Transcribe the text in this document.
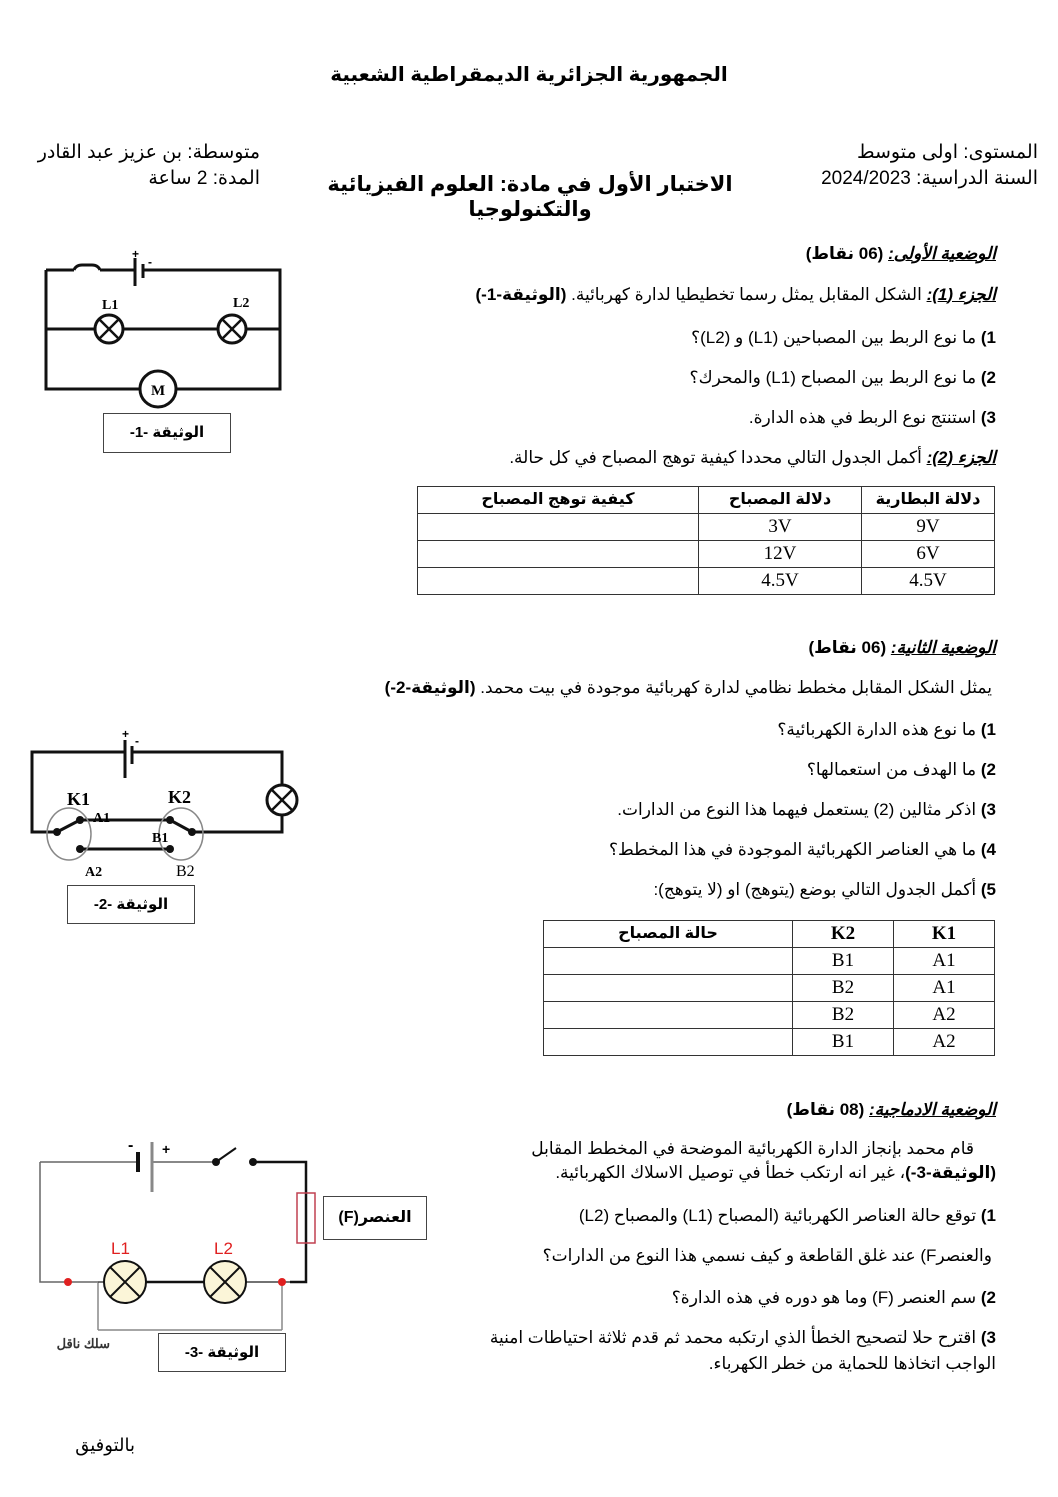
الجمهورية الجزائرية الديمقراطية الشعبية
المستوى: اولى متوسط
السنة الدراسية: 2024/2023
متوسطة: بن عزيز عبد القادر
المدة: 2 ساعة	الاختبار الأول في مادة: العلوم الفيزيائية والتكنولوجيا
الوضعية الأولى: (06 نقاط)
الجزء (1): الشكل المقابل يمثل رسما تخطيطيا لدارة كهربائية. (الوثيقة-1-)
1) ما نوع الربط بين المصباحين (L1) و (L2)؟
2) ما نوع الربط بين المصباح (L1) والمحرك؟
3) استنتج نوع الربط في هذه الدارة.
الجزء (2): أكمل الجدول التالي محددا كيفية توهج المصباح في كل حالة.
دلالة البطارية	دلالة المصباح	كيفية توهج المصباح
9V	3V	
6V	12V	
4.5V	4.5V	
+
-
L1	L2
M
الوثيقة -1-
الوضعية الثانية: (06 نقاط)
يمثل الشكل المقابل مخطط نظامي لدارة كهربائية موجودة في بيت محمد. (الوثيقة-2-)
1) ما نوع هذه الدارة الكهربائية؟
2) ما الهدف من استعمالها؟
3) اذكر مثالين (2) يستعمل فيهما هذا النوع من الدارات.
4) ما هي العناصر الكهربائية الموجودة في هذا المخطط؟
5) أكمل الجدول التالي بوضع (يتوهج) او (لا يتوهج):
K1	K2	حالة المصباح
A1	B1	
A1	B2	
A2	B2	
A2	B1	
+ -
K1	K2
A1
A2
B1
B2
الوثيقة -2-
الوضعية الادماجية: (08 نقاط)
قام محمد بإنجاز الدارة الكهربائية الموضحة في المخطط المقابل
(الوثيقة-3-)، غير انه ارتكب خطأ في توصيل الاسلاك الكهربائية.
1) توقع حالة العناصر الكهربائية (المصباح (L1) والمصباح (L2)
والعنصرF) عند غلق القاطعة و كيف نسمي هذا النوع من الدارات؟
2) سم العنصر (F) وما هو دوره في هذه الدارة؟
3) اقترح حلا لتصحيح الخطأ الذي ارتكبه محمد ثم قدم ثلاثة احتياطات امنية
الواجب اتخاذها للحماية من خطر الكهرباء.
L1	L2
- +
سلك ناقل
العنصر(F)
الوثيقة -3-
بالتوفيق
